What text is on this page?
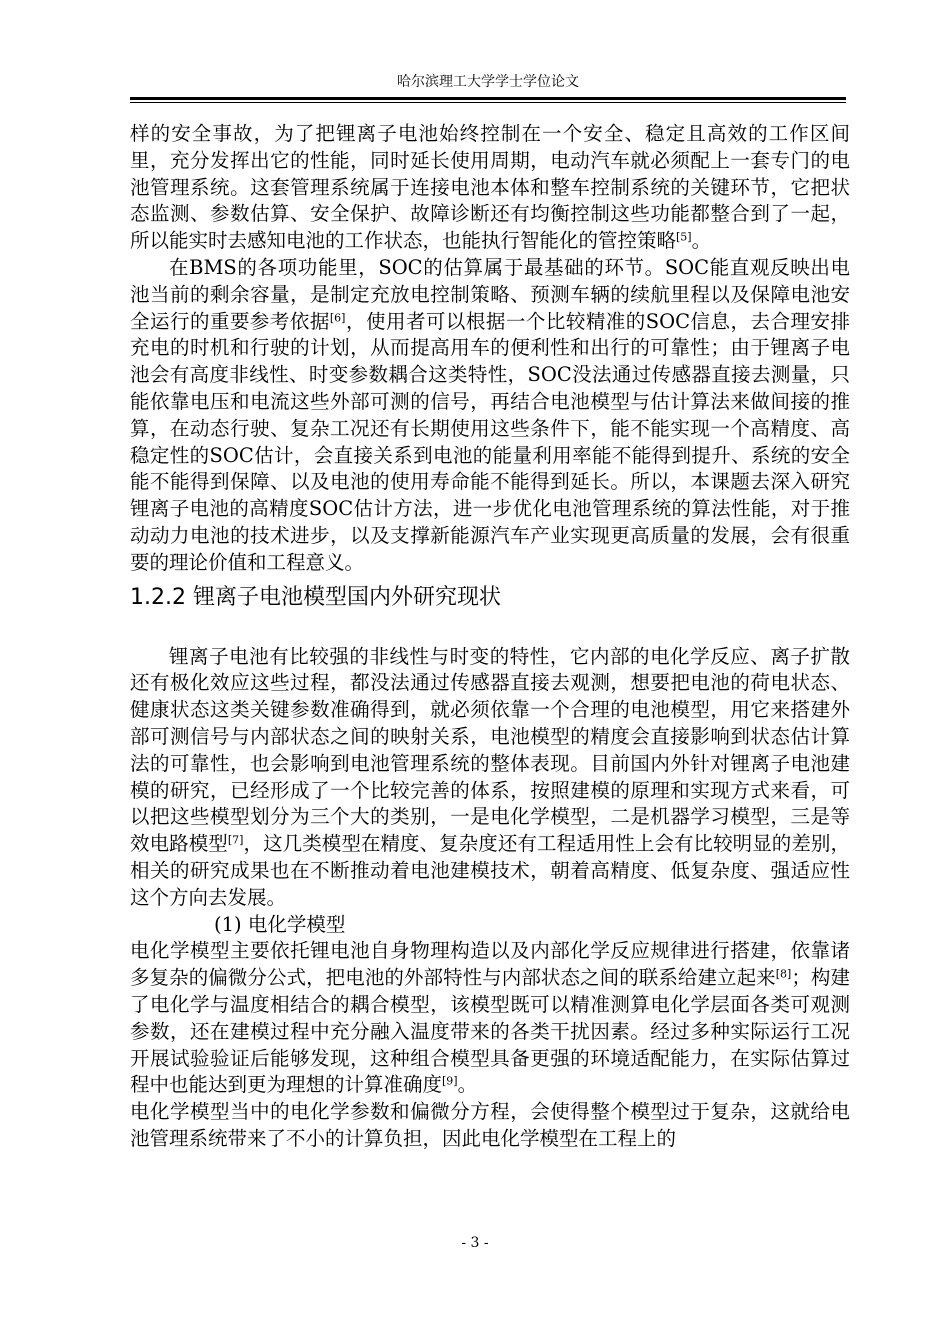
哈尔滨理工大学学士学位论文

样的安全事故，为了把锂离子电池始终控制在一个安全、稳定且高效的工作区间里，充分发挥出它的性能，同时延长使用周期，电动汽车就必须配上一套专门的电池管理系统。这套管理系统属于连接电池本体和整车控制系统的关键环节，它把状态监测、参数估算、安全保护、故障诊断还有均衡控制这些功能都整合到了一起，所以能实时去感知电池的工作状态，也能执行智能化的管控策略[5]。

在BMS的各项功能里，SOC的估算属于最基础的环节。SOC能直观反映出电池当前的剩余容量，是制定充放电控制策略、预测车辆的续航里程以及保障电池安全运行的重要参考依据[6]，使用者可以根据一个比较精准的SOC信息，去合理安排充电的时机和行驶的计划，从而提高用车的便利性和出行的可靠性；由于锂离子电池会有高度非线性、时变参数耦合这类特性，SOC没法通过传感器直接去测量，只能依靠电压和电流这些外部可测的信号，再结合电池模型与估计算法来做间接的推算，在动态行驶、复杂工况还有长期使用这些条件下，能不能实现一个高精度、高稳定性的SOC估计，会直接关系到电池的能量利用率能不能得到提升、系统的安全能不能得到保障、以及电池的使用寿命能不能得到延长。所以，本课题去深入研究锂离子电池的高精度SOC估计方法，进一步优化电池管理系统的算法性能，对于推动动力电池的技术进步，以及支撑新能源汽车产业实现更高质量的发展，会有很重要的理论价值和工程意义。

1.2.2 锂离子电池模型国内外研究现状

锂离子电池有比较强的非线性与时变的特性，它内部的电化学反应、离子扩散还有极化效应这些过程，都没法通过传感器直接去观测，想要把电池的荷电状态、健康状态这类关键参数准确得到，就必须依靠一个合理的电池模型，用它来搭建外部可测信号与内部状态之间的映射关系，电池模型的精度会直接影响到状态估计算法的可靠性，也会影响到电池管理系统的整体表现。目前国内外针对锂离子电池建模的研究，已经形成了一个比较完善的体系，按照建模的原理和实现方式来看，可以把这些模型划分为三个大的类别，一是电化学模型，二是机器学习模型，三是等效电路模型[7]，这几类模型在精度、复杂度还有工程适用性上会有比较明显的差别，相关的研究成果也在不断推动着电池建模技术，朝着高精度、低复杂度、强适应性这个方向去发展。

(1) 电化学模型

电化学模型主要依托锂电池自身物理构造以及内部化学反应规律进行搭建，依靠诸多复杂的偏微分公式，把电池的外部特性与内部状态之间的联系给建立起来[8]；构建了电化学与温度相结合的耦合模型，该模型既可以精准测算电化学层面各类可观测参数，还在建模过程中充分融入温度带来的各类干扰因素。经过多种实际运行工况开展试验验证后能够发现，这种组合模型具备更强的环境适配能力，在实际估算过程中也能达到更为理想的计算准确度[9]。

电化学模型当中的电化学参数和偏微分方程，会使得整个模型过于复杂，这就给电池管理系统带来了不小的计算负担，因此电化学模型在工程上的

- 3 -
